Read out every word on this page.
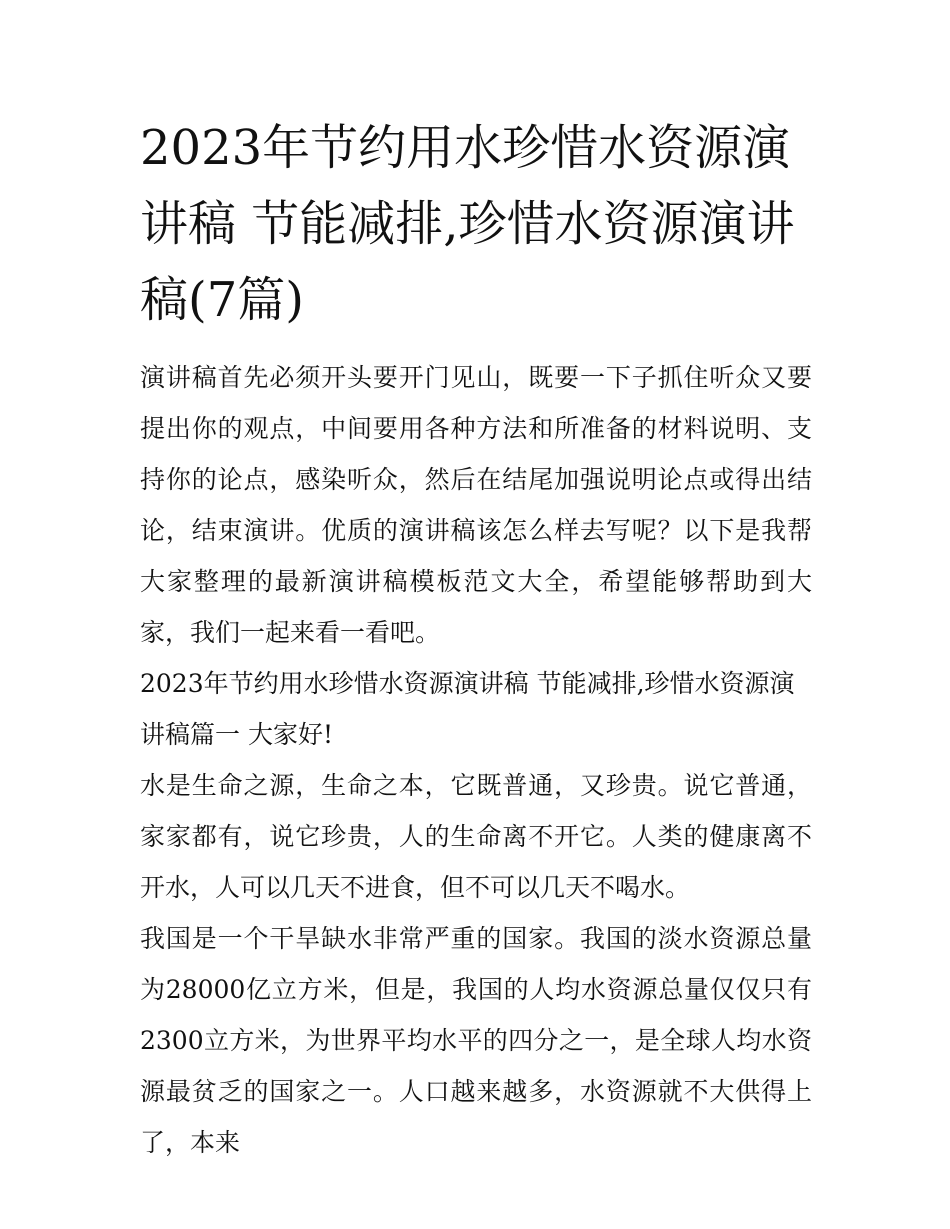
2023年节约用水珍惜水资源演讲稿 节能减排,珍惜水资源演讲稿(7篇)

演讲稿首先必须开头要开门见山，既要一下子抓住听众又要提出你的观点，中间要用各种方法和所准备的材料说明、支持你的论点，感染听众，然后在结尾加强说明论点或得出结论，结束演讲。优质的演讲稿该怎么样去写呢？以下是我帮大家整理的最新演讲稿模板范文大全，希望能够帮助到大家，我们一起来看一看吧。

2023年节约用水珍惜水资源演讲稿 节能减排,珍惜水资源演讲稿篇一 大家好!

水是生命之源，生命之本，它既普通，又珍贵。说它普通，家家都有，说它珍贵，人的生命离不开它。人类的健康离不开水，人可以几天不进食，但不可以几天不喝水。

我国是一个干旱缺水非常严重的国家。我国的淡水资源总量为28000亿立方米，但是，我国的人均水资源总量仅仅只有2300立方米，为世界平均水平的四分之一，是全球人均水资源最贫乏的国家之一。人口越来越多，水资源就不大供得上了，本来
